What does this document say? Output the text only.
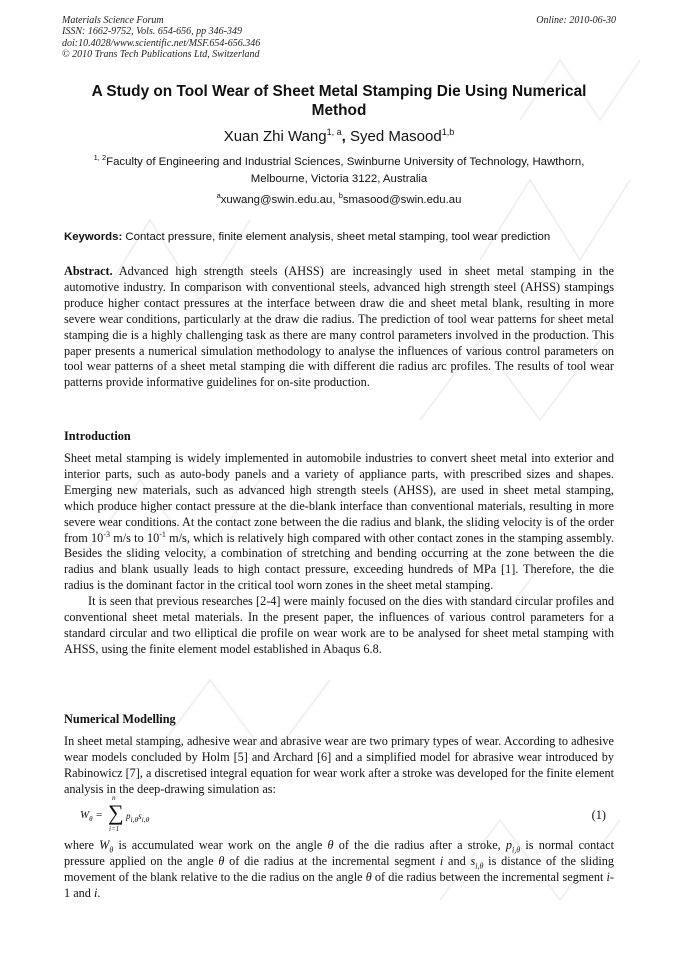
Materials Science Forum
ISSN: 1662-9752, Vols. 654-656, pp 346-349
doi:10.4028/www.scientific.net/MSF.654-656.346
© 2010 Trans Tech Publications Ltd, Switzerland
Online: 2010-06-30
A Study on Tool Wear of Sheet Metal Stamping Die Using Numerical Method
Xuan Zhi Wang$^{1, a}$, Syed Masood$^{1,b}$
$^{1, 2}$Faculty of Engineering and Industrial Sciences, Swinburne University of Technology, Hawthorn, Melbourne, Victoria 3122, Australia
$^a$xuwang@swin.edu.au, $^b$smasood@swin.edu.au
Keywords: Contact pressure, finite element analysis, sheet metal stamping, tool wear prediction

Abstract. Advanced high strength steels (AHSS) are increasingly used in sheet metal stamping in the automotive industry. In comparison with conventional steels, advanced high strength steel (AHSS) stampings produce higher contact pressures at the interface between draw die and sheet metal blank, resulting in more severe wear conditions, particularly at the draw die radius. The prediction of tool wear patterns for sheet metal stamping die is a highly challenging task as there are many control parameters involved in the production. This paper presents a numerical simulation methodology to analyse the influences of various control parameters on tool wear patterns of a sheet metal stamping die with different die radius arc profiles. The results of tool wear patterns provide informative guidelines for on-site production.

Introduction

Sheet metal stamping is widely implemented in automobile industries to convert sheet metal into exterior and interior parts, such as auto-body panels and a variety of appliance parts, with prescribed sizes and shapes. Emerging new materials, such as advanced high strength steels (AHSS), are used in sheet metal stamping, which produce higher contact pressure at the die-blank interface than conventional materials, resulting in more severe wear conditions. At the contact zone between the die radius and blank, the sliding velocity is of the order from $10^{-3}$ m/s to $10^{-1}$ m/s, which is relatively high compared with other contact zones in the stamping assembly. Besides the sliding velocity, a combination of stretching and bending occurring at the zone between the die radius and blank usually leads to high contact pressure, exceeding hundreds of MPa [1]. Therefore, the die radius is the dominant factor in the critical tool worn zones in the sheet metal stamping.

It is seen that previous researches [2-4] were mainly focused on the dies with standard circular profiles and conventional sheet metal materials. In the present paper, the influences of various control parameters for a standard circular and two elliptical die profile on wear work are to be analysed for sheet metal stamping with AHSS, using the finite element model established in Abaqus 6.8.

Numerical Modelling

In sheet metal stamping, adhesive wear and abrasive wear are two primary types of wear. According to adhesive wear models concluded by Holm [5] and Archard [6] and a simplified model for abrasive wear introduced by Rabinowicz [7], a discretised integral equation for wear work after a stroke was developed for the finite element analysis in the deep-drawing simulation as:

$W_\theta$ =
n
∑
i=1
$p_{i,\theta}s_{i,\theta}$	(1)

where $W_\theta$ is accumulated wear work on the angle θ of the die radius after a stroke, $p_{i,\theta}$ is normal contact pressure applied on the angle θ of die radius at the incremental segment i and $s_{i,\theta}$ is distance of the sliding movement of the blank relative to the die radius on the angle θ of die radius between the incremental segment i-1 and i.
